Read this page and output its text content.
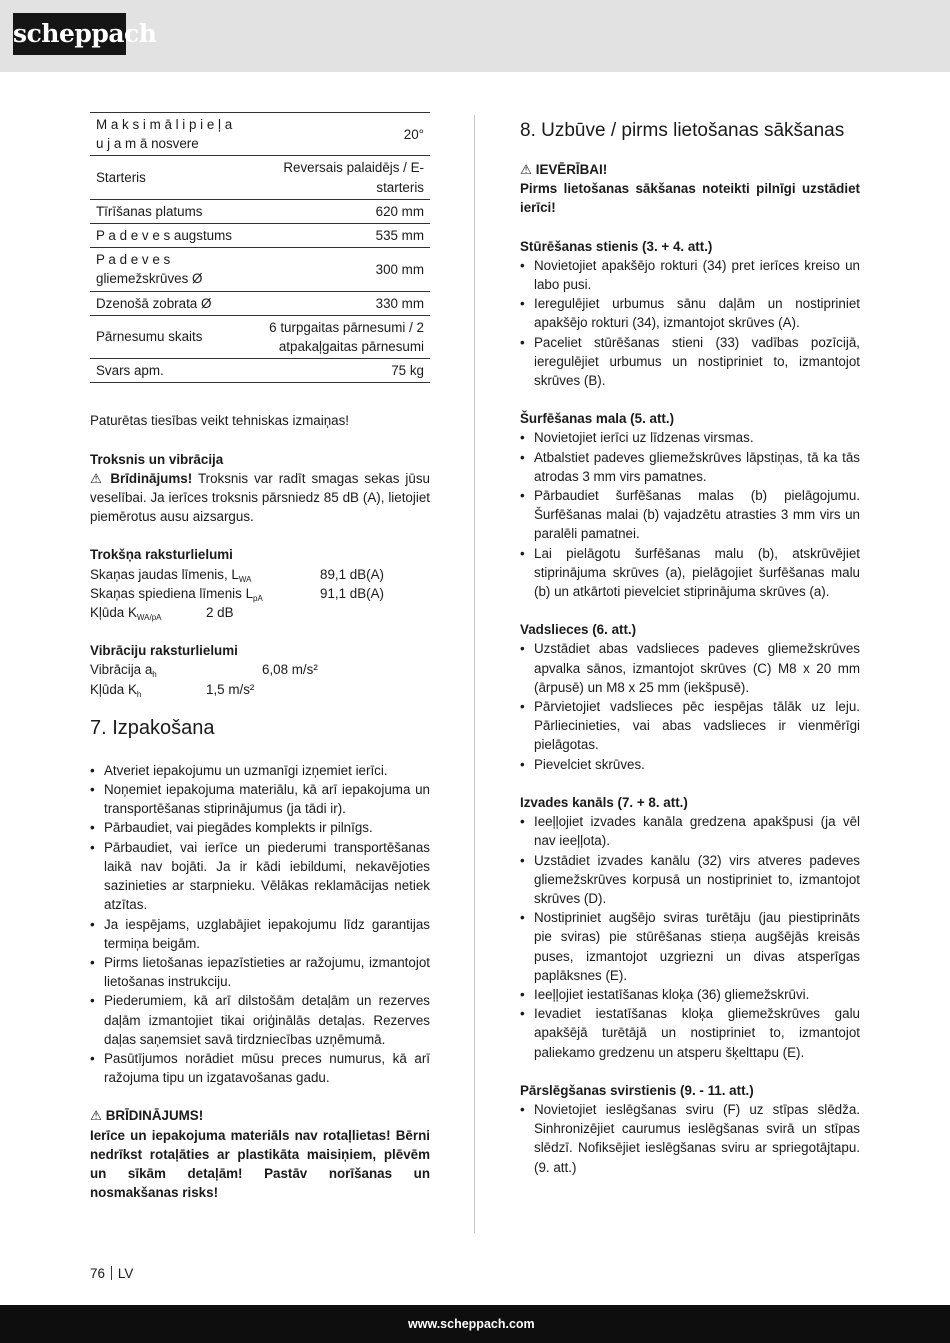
scheppach
M a k s i m ā l i p i e ļ a u j a m ā nosvere	20°
Starteris	Reversais palaidējs / E-starteris
Tīrīšanas platums	620 mm
P a d e v e s augstums	535 mm
P a d e v e s gliemežskrūves Ø	300 mm
Dzenošā zobrata Ø	330 mm
Pārnesumu skaits	6 turpgaitas pārnesumi / 2 atpakaļgaitas pārnesumi
Svars apm.	75 kg

Paturētas tiesības veikt tehniskas izmaiņas!

Troksnis un vibrācija

⚠ Brīdinājums! Troksnis var radīt smagas sekas jūsu veselībai. Ja ierīces troksnis pārsniedz 85 dB (A), lietojiet piemērotus ausu aizsargus.

Trokšņa raksturlielumi

Skaņas jaudas līmenis, $L_{WA}$	89,1 dB(A)
Skaņas spiediena līmenis $L_{pA}$	91,1 dB(A)
Kļūda $K_{WA/pA}$	2 dB

Vibrāciju raksturlielumi

Vibrācija $a_h$	6,08 m/s²
Kļūda $K_h$	1,5 m/s²
7. Izpakošana
• Atveriet iepakojumu un uzmanīgi izņemiet ierīci.
• Noņemiet iepakojuma materiālu, kā arī iepakojuma un transportēšanas stiprinājumus (ja tādi ir).
• Pārbaudiet, vai piegādes komplekts ir pilnīgs.
• Pārbaudiet, vai ierīce un piederumi transportēšanas laikā nav bojāti. Ja ir kādi iebildumi, nekavējoties sazinieties ar starpnieku. Vēlākas reklamācijas netiek atzītas.
• Ja iespējams, uzglabājiet iepakojumu līdz garantijas termiņa beigām.
• Pirms lietošanas iepazīstieties ar ražojumu, izmantojot lietošanas instrukciju.
• Piederumiem, kā arī dilstošām detaļām un rezerves daļām izmantojiet tikai oriģinālās detaļas. Rezerves daļas saņemsiet savā tirdzniecības uzņēmumā.
• Pasūtījumos norādiet mūsu preces numurus, kā arī ražojuma tipu un izgatavošanas gadu.

⚠ BRĪDINĀJUMS!

Ierīce un iepakojuma materiāls nav rotaļlietas! Bērni nedrīkst rotaļāties ar plastikāta maisiņiem, plēvēm un sīkām detaļām! Pastāv norīšanas un nosmakšanas risks!

8. Uzbūve / pirms lietošanas sākšanas

⚠ IEVĒRĪBAI!

Pirms lietošanas sākšanas noteikti pilnīgi uzstādiet ierīci!

Stūrēšanas stienis (3. + 4. att.)

• Novietojiet apakšējo rokturi (34) pret ierīces kreiso un labo pusi.
• Ieregulējiet urbumus sānu daļām un nostipriniet apakšējo rokturi (34), izmantojot skrūves (A).
• Paceliet stūrēšanas stieni (33) vadības pozīcijā, ieregulējiet urbumus un nostipriniet to, izmantojot skrūves (B).

Šurfēšanas mala (5. att.)

• Novietojiet ierīci uz līdzenas virsmas.
• Atbalstiet padeves gliemežskrūves lāpstiņas, tā ka tās atrodas 3 mm virs pamatnes.
• Pārbaudiet šurfēšanas malas (b) pielāgojumu. Šurfēšanas malai (b) vajadzētu atrasties 3 mm virs un paralēli pamatnei.
• Lai pielāgotu šurfēšanas malu (b), atskrūvējiet stiprinājuma skrūves (a), pielāgojiet šurfēšanas malu (b) un atkārtoti pievelciet stiprinājuma skrūves (a).

Vadslieces (6. att.)

• Uzstādiet abas vadslieces padeves gliemežskrūves apvalka sānos, izmantojot skrūves (C) M8 x 20 mm (ārpusē) un M8 x 25 mm (iekšpusē).
• Pārvietojiet vadslieces pēc iespējas tālāk uz leju. Pārliecinieties, vai abas vadslieces ir vienmērīgi pielāgotas.
• Pievelciet skrūves.

Izvades kanāls (7. + 8. att.)

• Ieeļļojiet izvades kanāla gredzena apakšpusi (ja vēl nav ieeļļota).
• Uzstādiet izvades kanālu (32) virs atveres padeves gliemežskrūves korpusā un nostipriniet to, izmantojot skrūves (D).
• Nostipriniet augšējo sviras turētāju (jau piestiprināts pie sviras) pie stūrēšanas stieņa augšējās kreisās puses, izmantojot uzgriezni un divas atsperīgas paplāksnes (E).
• Ieeļļojiet iestatīšanas kloķa (36) gliemežskrūvi.
• Ievadiet iestatīšanas kloķa gliemežskrūves galu apakšējā turētājā un nostipriniet to, izmantojot paliekamo gredzenu un atsperu šķelttapu (E).

Pārslēgšanas svirstienis (9. - 11. att.)

• Novietojiet ieslēgšanas sviru (F) uz stīpas slēdža. Sinhronizējiet caurumus ieslēgšanas svirā un stīpas slēdzī. Nofiksējiet ieslēgšanas sviru ar spriegotājtapu. (9. att.)
76 LV
www.scheppach.com
